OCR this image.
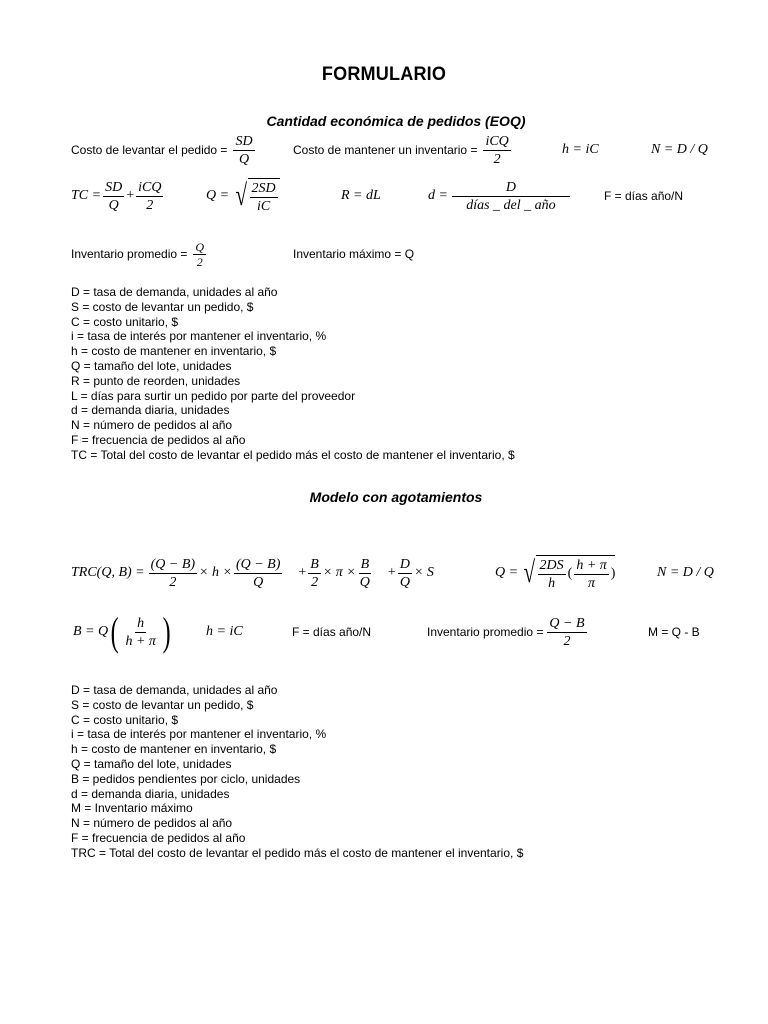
FORMULARIO
Cantidad económica de pedidos (EOQ)
Costo de levantar el pedido = $\frac{SD}{Q}$	Costo de mantener un inventario = $\frac{\text{iCQ}}{2}$	h = iC	N = D / Q
TC = $\frac{SD}{Q} + \frac{\text{iCQ}}{2}$	Q = √ $\frac{2SD}{iC}$	R = dL	$d = \frac{D}{\text{días \_ del \_ año}}$	F = días año/N
Inventario promedio = $\frac{Q}{2}$	Inventario máximo = Q
D = tasa de demanda, unidades al año
S = costo de levantar un pedido, $
C = costo unitario, $
i = tasa de interés por mantener el inventario, %
h = costo de mantener en inventario, $
Q = tamaño del lote, unidades
R = punto de reorden, unidades
L = días para surtir un pedido por parte del proveedor
d = demanda diaria, unidades
N = número de pedidos al año
F = frecuencia de pedidos al año
TC = Total del costo de levantar el pedido más el costo de mantener el inventario, $
Modelo con agotamientos
TRC(Q, $B) = \frac{(Q - B)}{2} \times h \times \frac{(Q - B)}{Q} + \frac{B}{2} \times \pi \times \frac{B}{Q} + \frac{D}{Q} \times S$	Q = √ $\frac{2DS}{h}$ ( $\frac{h + \pi}{\pi}$ )	N = D / Q
B = Q ( $\frac{h}{h + \pi}$ )	h = iC	F = días año/N	Inventario promedio = $\frac{Q - B}{2}$	M = Q - B
D = tasa de demanda, unidades al año
S = costo de levantar un pedido, $
C = costo unitario, $
i = tasa de interés por mantener el inventario, %
h = costo de mantener en inventario, $
Q = tamaño del lote, unidades
B = pedidos pendientes por ciclo, unidades
d = demanda diaria, unidades
M = Inventario máximo
N = número de pedidos al año
F = frecuencia de pedidos al año
TRC = Total del costo de levantar el pedido más el costo de mantener el inventario, $
